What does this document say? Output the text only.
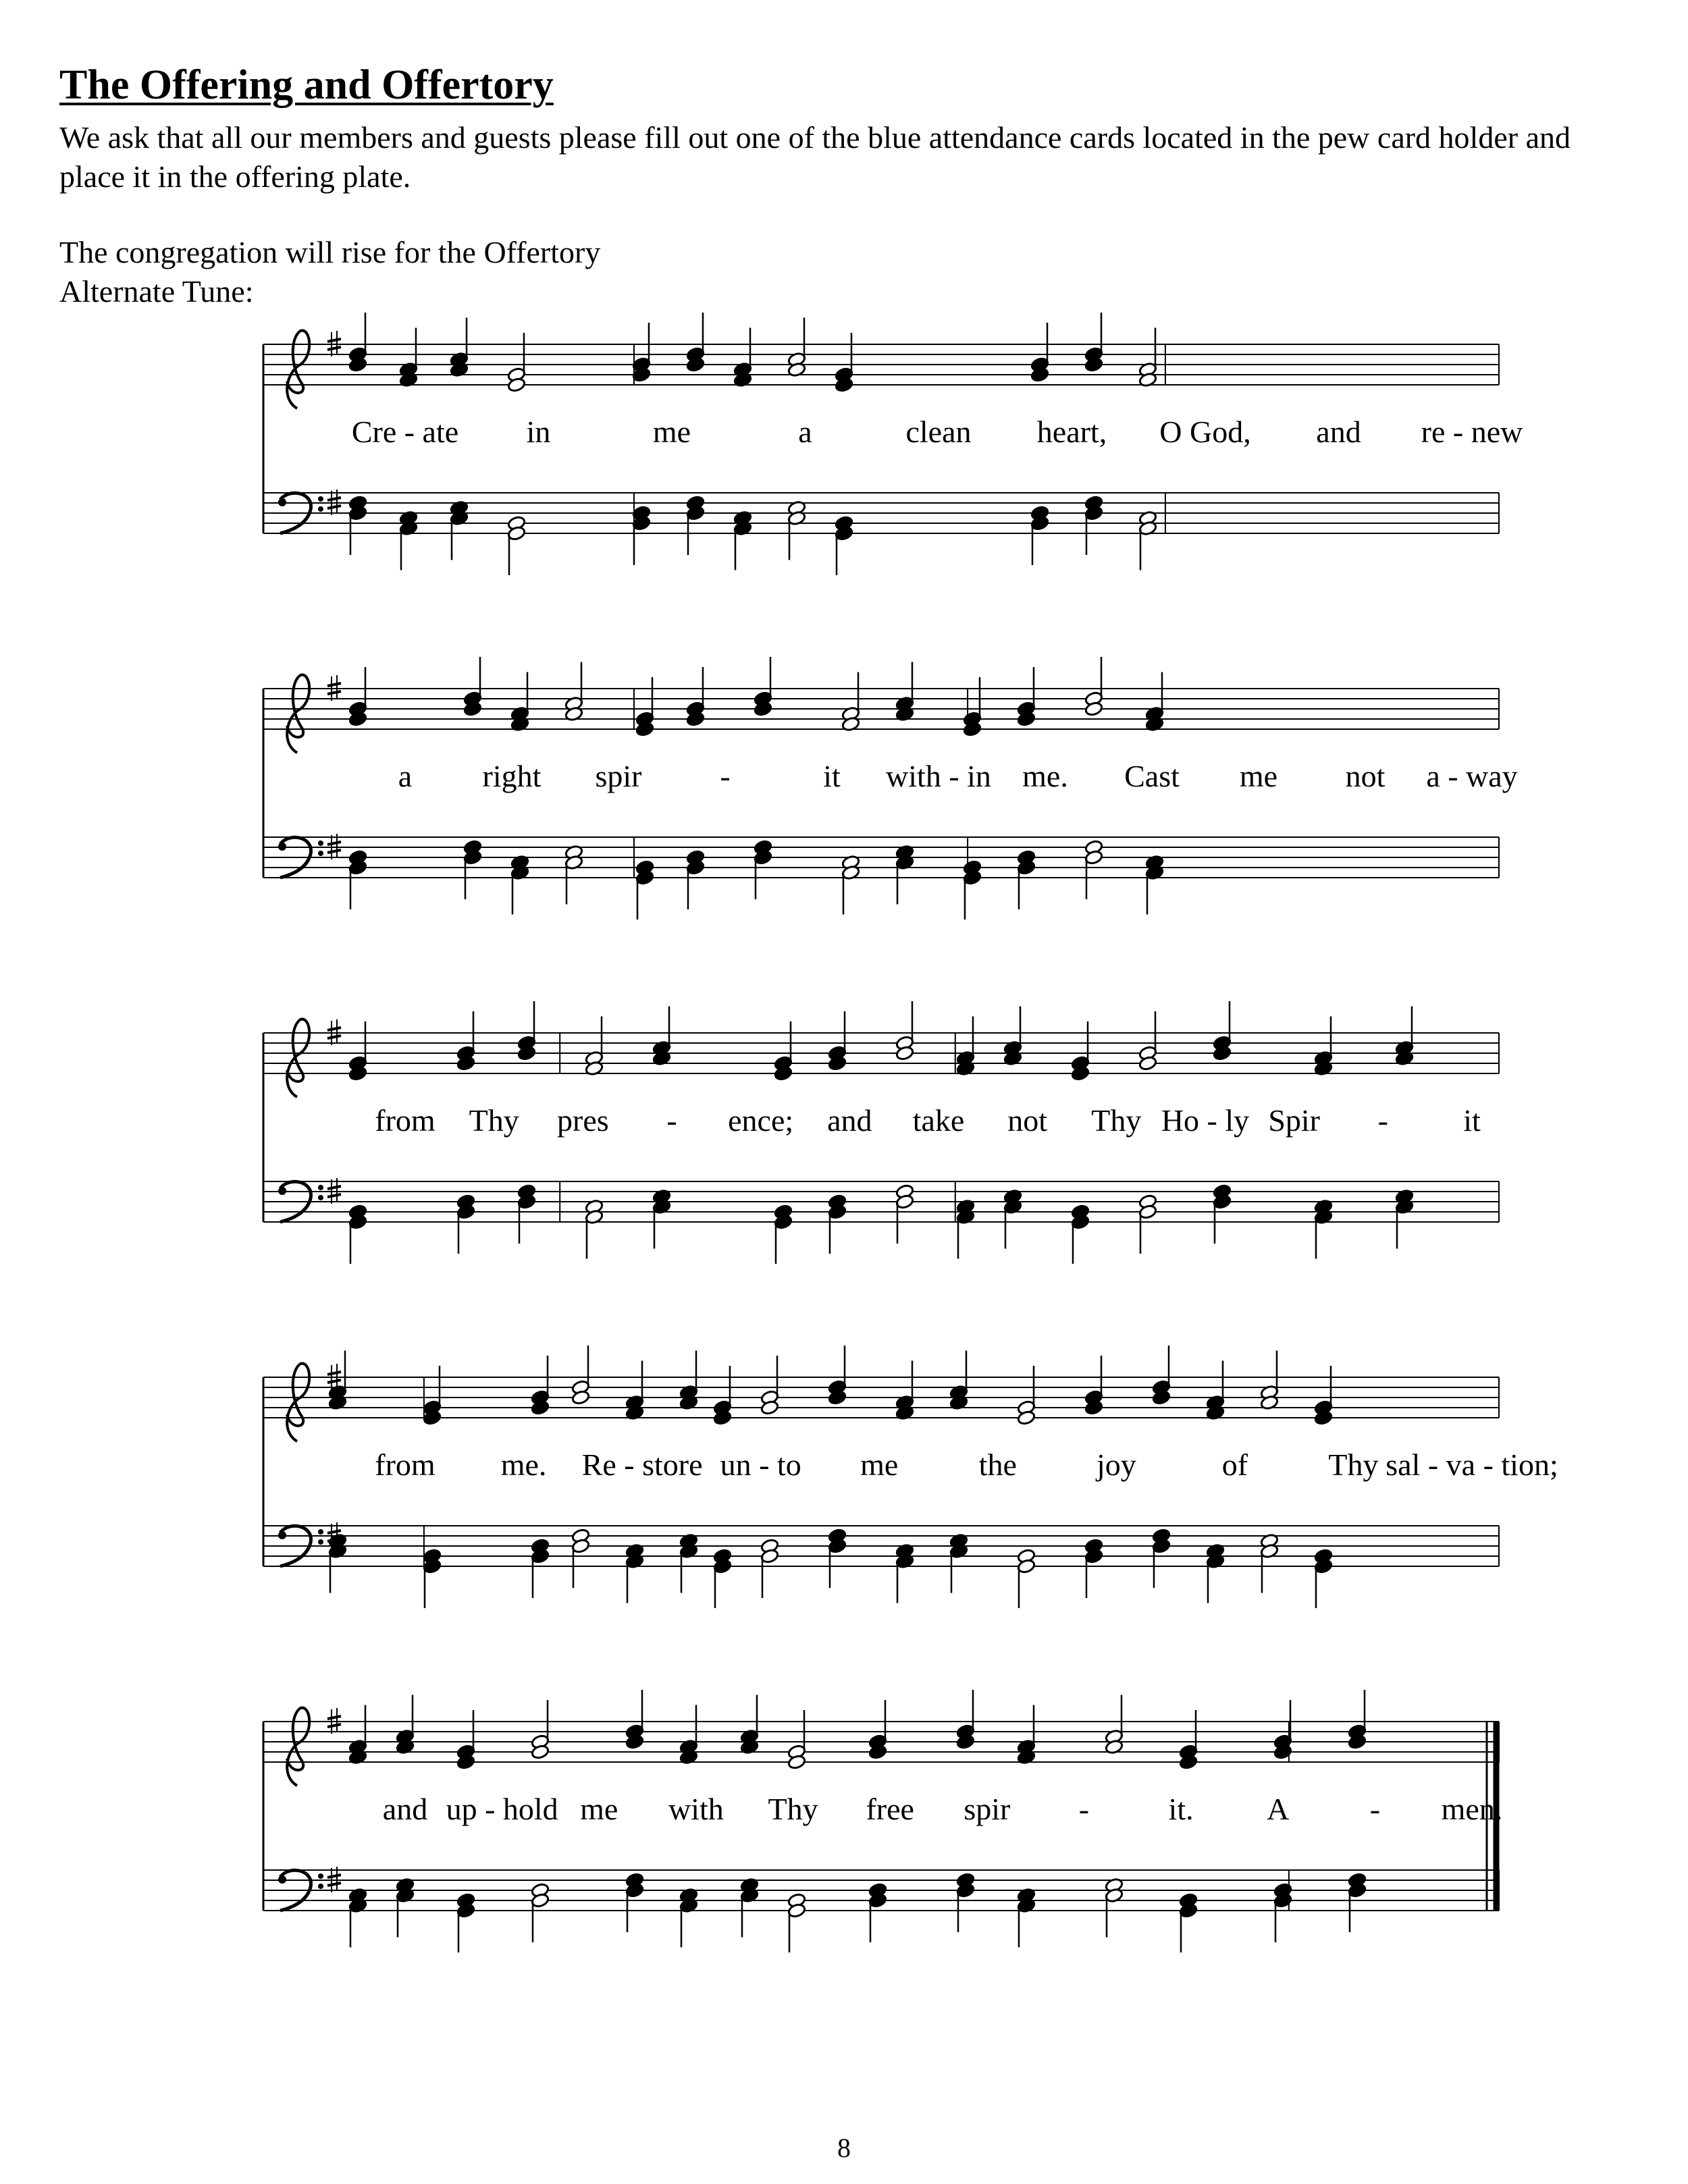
The Offering and Offertory

We ask that all our members and guests please fill out one of the blue attendance cards located in the pew card holder and place it in the offering plate.

The congregation will rise for the Offertory

Alternate Tune:

Cre - ate in	me	a	clean heart, O God, and re - new
a right spir	-	it with - in me. Cast me not a - way
from Thy pres - ence; and take not Thy Ho - ly Spir - it
from me. Re - store un - to me	the	joy	of	Thy sal - va - tion;
and up - hold me with Thy free spir -	it. A	- men.

8
